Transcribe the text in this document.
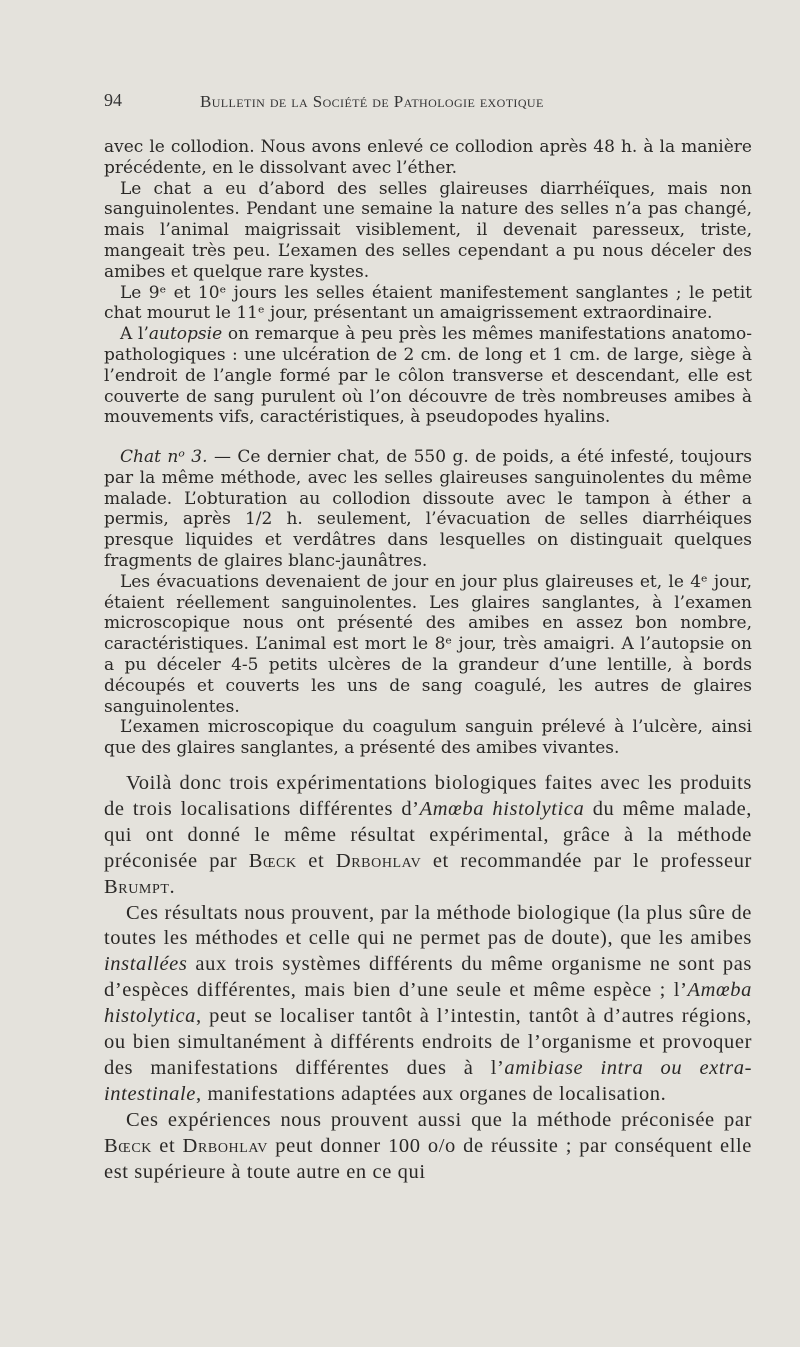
94	Bulletin de la Société de Pathologie exotique

avec le collodion. Nous avons enlevé ce collodion après 48 h. à la manière précédente, en le dissolvant avec l’éther.

Le chat a eu d’abord des selles glaireuses diarrhéïques, mais non sanguinolentes. Pendant une semaine la nature des selles n’a pas changé, mais l’animal maigrissait visiblement, il devenait paresseux, triste, mangeait très peu. L’examen des selles cependant a pu nous déceler des amibes et quelque rare kystes.

Le 9ᵉ et 10ᵉ jours les selles étaient manifestement sanglantes ; le petit chat mourut le 11ᵉ jour, présentant un amaigrissement extraordinaire.

A l’autopsie on remarque à peu près les mêmes manifestations anatomo-pathologiques : une ulcération de 2 cm. de long et 1 cm. de large, siège à l’endroit de l’angle formé par le côlon transverse et descendant, elle est couverte de sang purulent où l’on découvre de très nombreuses amibes à mouvements vifs, caractéristiques, à pseudopodes hyalins.

Chat nᵒ 3. — Ce dernier chat, de 550 g. de poids, a été infesté, toujours par la même méthode, avec les selles glaireuses sanguinolentes du même malade. L’obturation au collodion dissoute avec le tampon à éther a permis, après 1/2 h. seulement, l’évacuation de selles diarrhéiques presque liquides et verdâtres dans lesquelles on distinguait quelques fragments de glaires blanc-jaunâtres.

Les évacuations devenaient de jour en jour plus glaireuses et, le 4ᵉ jour, étaient réellement sanguinolentes. Les glaires sanglantes, à l’examen microscopique nous ont présenté des amibes en assez bon nombre, caractéristiques. L’animal est mort le 8ᵉ jour, très amaigri. A l’autopsie on a pu déceler 4-5 petits ulcères de la grandeur d’une lentille, à bords découpés et couverts les uns de sang coagulé, les autres de glaires sanguinolentes.

L’examen microscopique du coagulum sanguin prélevé à l’ulcère, ainsi que des glaires sanglantes, a présenté des amibes vivantes.

Voilà donc trois expérimentations biologiques faites avec les produits de trois localisations différentes d’Amœba histolytica du même malade, qui ont donné le même résultat expérimental, grâce à la méthode préconisée par Bœck et Drbohlav et recommandée par le professeur Brumpt.

Ces résultats nous prouvent, par la méthode biologique (la plus sûre de toutes les méthodes et celle qui ne permet pas de doute), que les amibes installées aux trois systèmes différents du même organisme ne sont pas d’espèces différentes, mais bien d’une seule et même espèce ; l’Amœba histolytica, peut se localiser tantôt à l’intestin, tantôt à d’autres régions, ou bien simultanément à différents endroits de l’organisme et provoquer des manifestations différentes dues à l’amibiase intra ou extra-intestinale, manifestations adaptées aux organes de localisation.

Ces expériences nous prouvent aussi que la méthode préconisée par Bœck et Drbohlav peut donner 100 o/o de réussite ; par conséquent elle est supérieure à toute autre en ce qui
